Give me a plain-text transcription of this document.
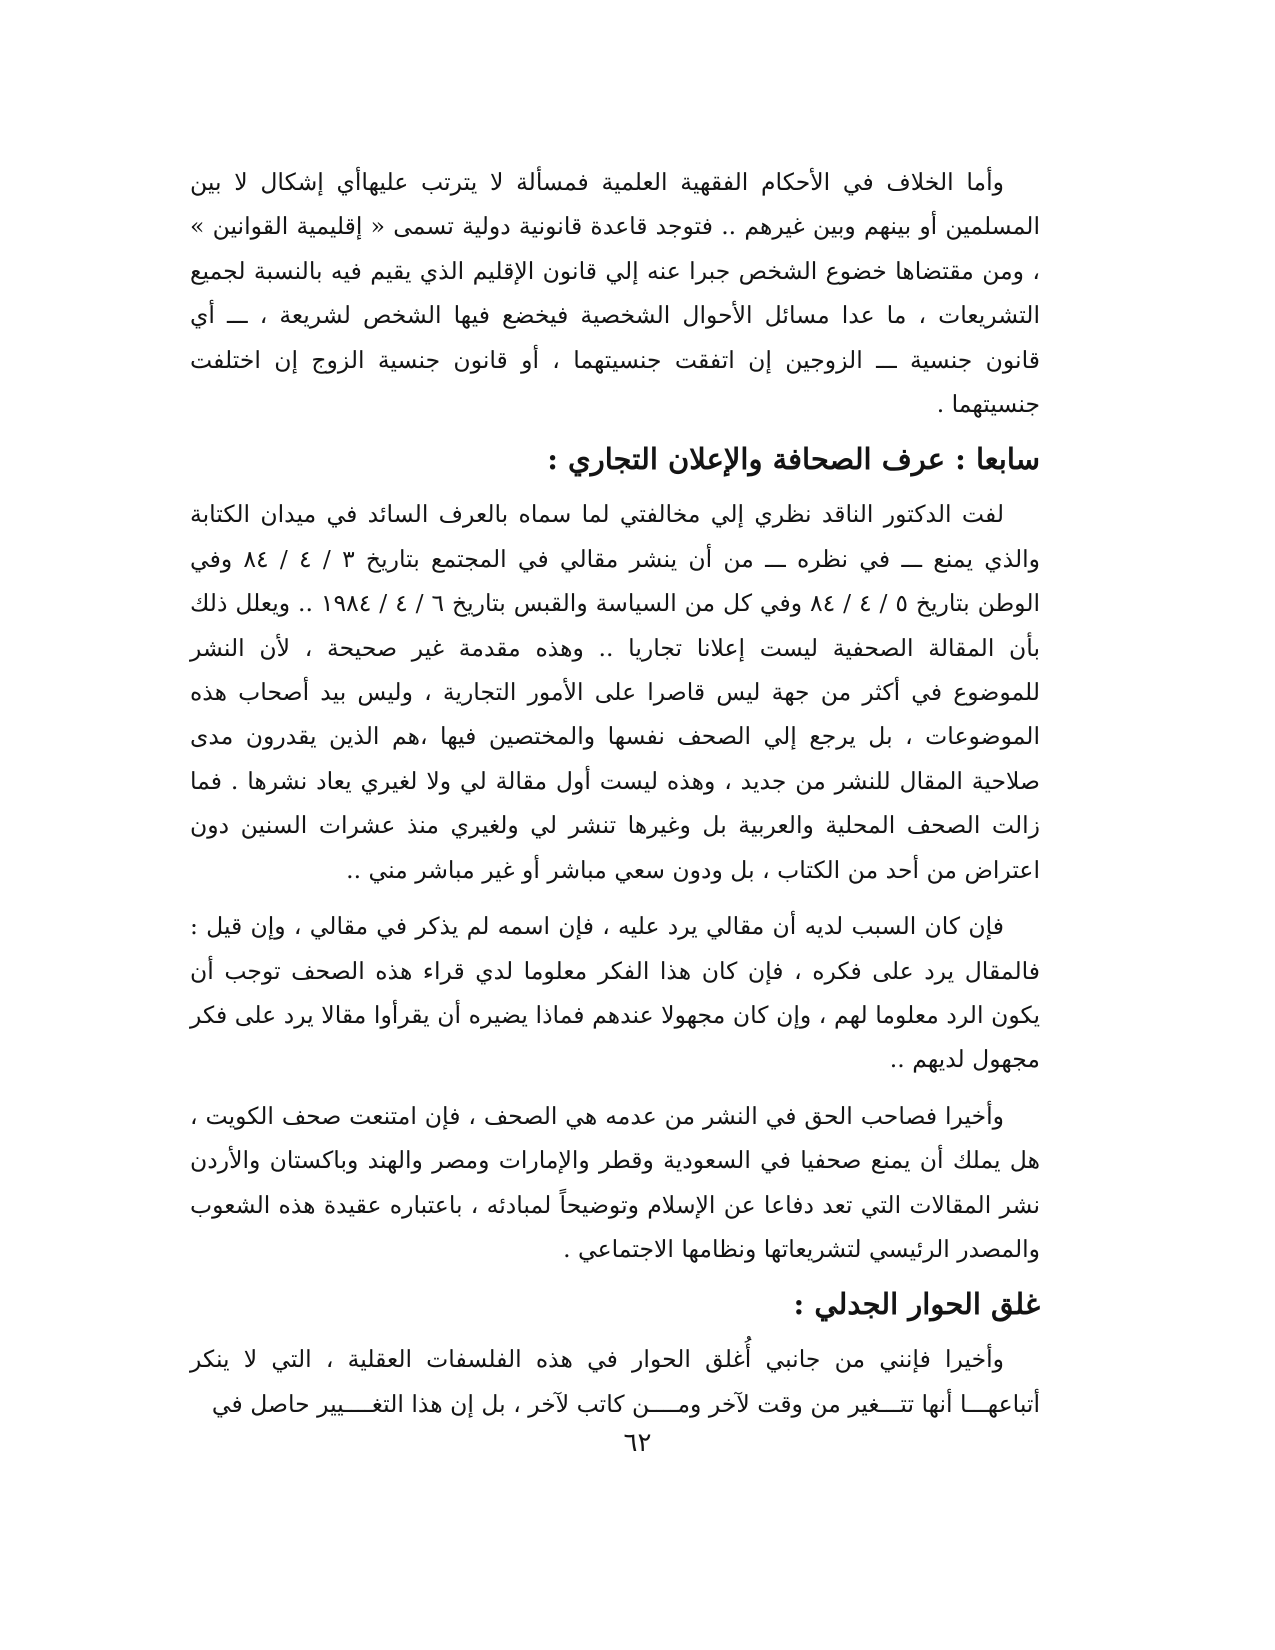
وأما الخلاف في الأحكام الفقهية العلمية فمسألة لا يترتب عليهاأي إشكال لا بين المسلمين أو بينهم وبين غيرهم .. فتوجد قاعدة قانونية دولية تسمى « إقليمية القوانين » ، ومن مقتضاها خضوع الشخص جبرا عنه إلي قانون الإقليم الذي يقيم فيه بالنسبة لجميع التشريعات ، ما عدا مسائل الأحوال الشخصية فيخضع فيها الشخص لشريعة ، ـــ أي قانون جنسية ـــ الزوجين إن اتفقت جنسيتهما ، أو قانون جنسية الزوج إن اختلفت جنسيتهما .

سابعا : عرف الصحافة والإعلان التجاري :

لفت الدكتور الناقد نظري إلي مخالفتي لما سماه بالعرف السائد في ميدان الكتابة والذي يمنع ـــ في نظره ـــ من أن ينشر مقالي في المجتمع بتاريخ ٣ / ٤ / ٨٤ وفي الوطن بتاريخ ٥ / ٤ / ٨٤ وفي كل من السياسة والقبس بتاريخ ٦ / ٤ / ١٩٨٤ .. ويعلل ذلك بأن المقالة الصحفية ليست إعلانا تجاريا .. وهذه مقدمة غير صحيحة ، لأن النشر للموضوع في أكثر من جهة ليس قاصرا على الأمور التجارية ، وليس بيد أصحاب هذه الموضوعات ، بل يرجع إلي الصحف نفسها والمختصين فيها ،هم الذين يقدرون مدى صلاحية المقال للنشر من جديد ، وهذه ليست أول مقالة لي ولا لغيري يعاد نشرها . فما زالت الصحف المحلية والعربية بل وغيرها تنشر لي ولغيري منذ عشرات السنين دون اعتراض من أحد من الكتاب ، بل ودون سعي مباشر أو غير مباشر مني ..

فإن كان السبب لديه أن مقالي يرد عليه ، فإن اسمه لم يذكر في مقالي ، وإن قيل : فالمقال يرد على فكره ، فإن كان هذا الفكر معلوما لدي قراء هذه الصحف توجب أن يكون الرد معلوما لهم ، وإن كان مجهولا عندهم فماذا يضيره أن يقرأوا مقالا يرد على فكر مجهول لديهم ..

وأخيرا فصاحب الحق في النشر من عدمه هي الصحف ، فإن امتنعت صحف الكويت ، هل يملك أن يمنع صحفيا في السعودية وقطر والإمارات ومصر والهند وباكستان والأردن نشر المقالات التي تعد دفاعا عن الإسلام وتوضيحاً لمبادئه ، باعتباره عقيدة هذه الشعوب والمصدر الرئيسي لتشريعاتها ونظامها الاجتماعي .

غلق الحوار الجدلي :

وأخيرا فإنني من جانبي أُغلق الحوار في هذه الفلسفات العقلية ، التي لا ينكر أتباعهـــا أنها تتـــغير من وقت لآخر ومــــن كاتب لآخر ، بل إن هذا التغــــيير حاصل في

٦٢
